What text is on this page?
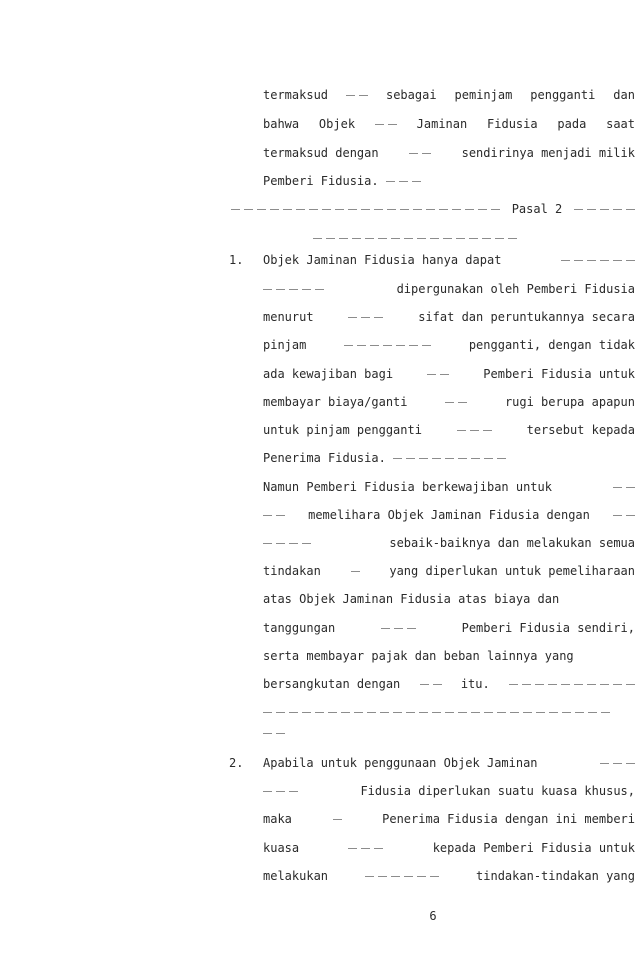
termaksud	sebagai peminjam pengganti dan
bahwa Objek	Jaminan Fidusia pada saat
termaksud dengan	sendirinya menjadi milik
Pemberi Fidusia.
Pasal 2
1. Objek Jaminan Fidusia hanya dapat
dipergunakan oleh Pemberi Fidusia
menurut	sifat dan peruntukannya secara
pinjam	pengganti, dengan tidak
ada kewajiban bagi	Pemberi Fidusia untuk
membayar biaya/ganti	rugi berupa apapun
untuk pinjam pengganti	tersebut kepada
Penerima Fidusia.
Namun Pemberi Fidusia berkewajiban untuk
memelihara Objek Jaminan Fidusia dengan
sebaik-baiknya dan melakukan semua
tindakan	yang diperlukan untuk pemeliharaan
atas Objek Jaminan Fidusia atas biaya dan
tanggungan	Pemberi Fidusia sendiri,
serta membayar pajak dan beban lainnya yang
bersangkutan dengan	itu.
2. Apabila untuk penggunaan Objek Jaminan
Fidusia diperlukan suatu kuasa khusus,
maka	Penerima Fidusia dengan ini memberi
kuasa	kepada Pemberi Fidusia untuk
melakukan	tindakan-tindakan yang
6
